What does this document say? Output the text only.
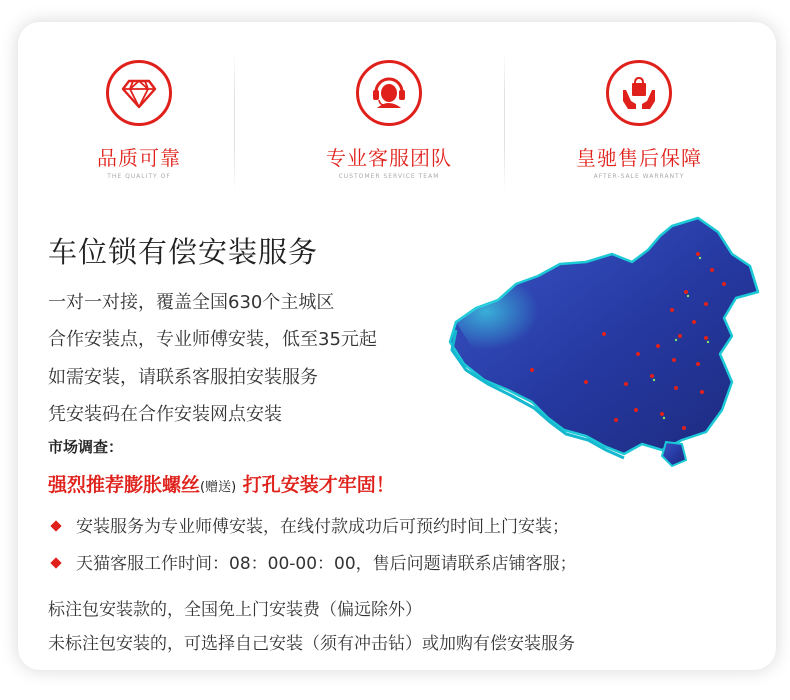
品质可靠
THE QUALITY OF
专业客服团队
CUSTOMER SERVICE TEAM
皇驰售后保障
AFTER-SALE WARRANTY
车位锁有偿安装服务
一对一对接，覆盖全国630个主城区
合作安装点，专业师傅安装，低至35元起
如需安装，请联系客服拍安装服务
凭安装码在合作安装网点安装
市场调查：
强烈推荐膨胀螺丝(赠送) 打孔安装才牢固！
安装服务为专业师傅安装，在线付款成功后可预约时间上门安装；
天猫客服工作时间：08：00-00：00，售后问题请联系店铺客服；
标注包安装款的，全国免上门安装费（偏远除外）
未标注包安装的，可选择自己安装（须有冲击钻）或加购有偿安装服务
